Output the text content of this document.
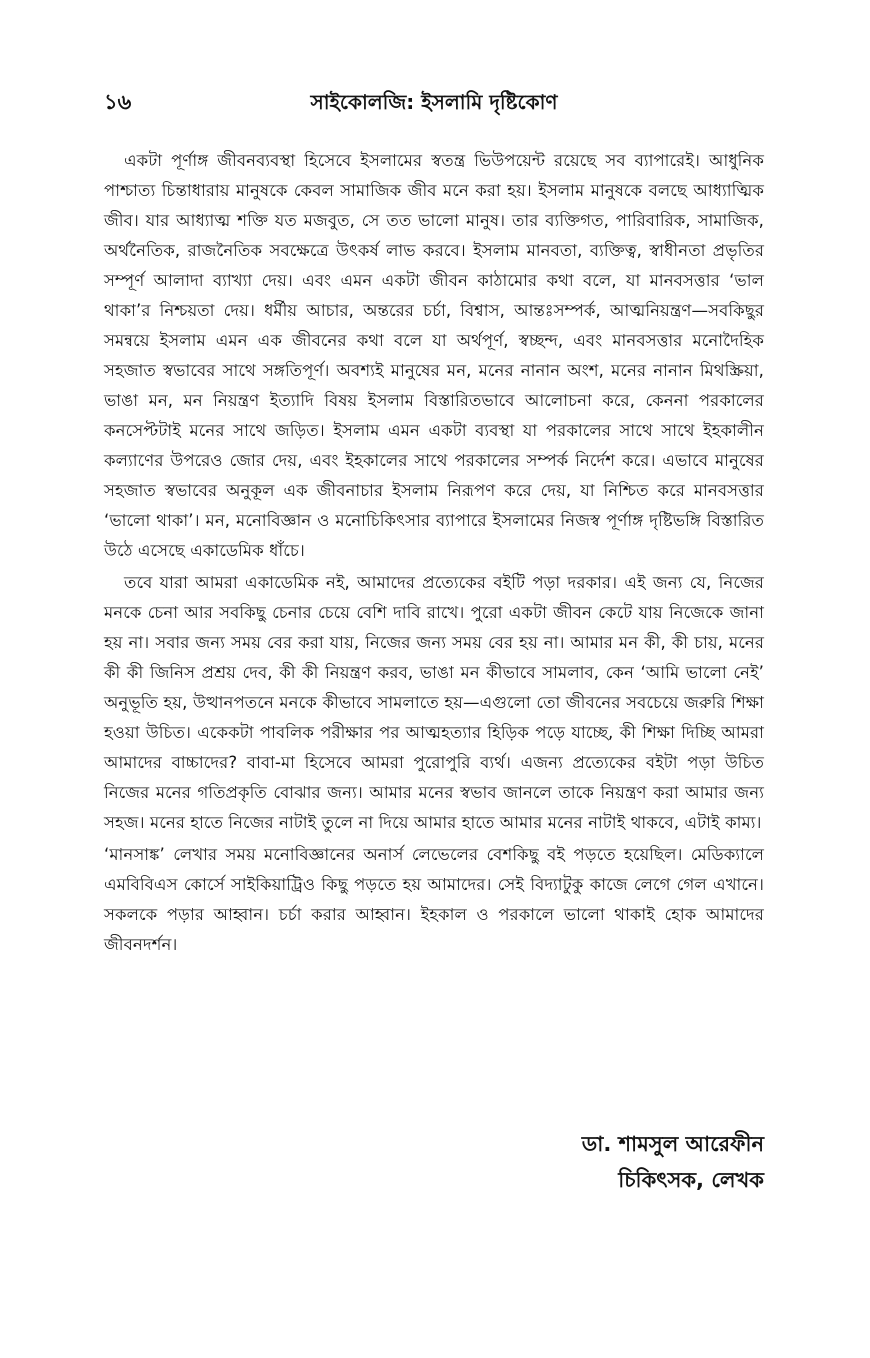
১৬	সাইকোলজি: ইসলামি দৃষ্টিকোণ

একটা পূর্ণাঙ্গ জীবনব্যবস্থা হিসেবে ইসলামের স্বতন্ত্র ভিউপয়েন্ট রয়েছে সব ব্যাপারেই। আধুনিক পাশ্চাত্য চিন্তাধারায় মানুষকে কেবল সামাজিক জীব মনে করা হয়। ইসলাম মানুষকে বলছে আধ্যাত্মিক জীব। যার আধ্যাত্ম শক্তি যত মজবুত, সে তত ভালো মানুষ। তার ব্যক্তিগত, পারিবারিক, সামাজিক, অর্থনৈতিক, রাজনৈতিক সবক্ষেত্রে উৎকর্ষ লাভ করবে। ইসলাম মানবতা, ব্যক্তিত্ব, স্বাধীনতা প্রভৃতির সম্পূর্ণ আলাদা ব্যাখ্যা দেয়। এবং এমন একটা জীবন কাঠামোর কথা বলে, যা মানবসত্তার ‘ভাল থাকা’র নিশ্চয়তা দেয়। ধর্মীয় আচার, অন্তরের চর্চা, বিশ্বাস, আন্তঃসম্পর্ক, আত্মনিয়ন্ত্রণ—সবকিছুর সমন্বয়ে ইসলাম এমন এক জীবনের কথা বলে যা অর্থপূর্ণ, স্বচ্ছন্দ, এবং মানবসত্তার মনোদৈহিক সহজাত স্বভাবের সাথে সঙ্গতিপূর্ণ। অবশ্যই মানুষের মন, মনের নানান অংশ, মনের নানান মিথস্ক্রিয়া, ভাঙা মন, মন নিয়ন্ত্রণ ইত্যাদি বিষয় ইসলাম বিস্তারিতভাবে আলোচনা করে, কেননা পরকালের কনসেপ্টটাই মনের সাথে জড়িত। ইসলাম এমন একটা ব্যবস্থা যা পরকালের সাথে সাথে ইহকালীন কল্যাণের উপরেও জোর দেয়, এবং ইহকালের সাথে পরকালের সম্পর্ক নির্দেশ করে। এভাবে মানুষের সহজাত স্বভাবের অনুকূল এক জীবনাচার ইসলাম নিরূপণ করে দেয়, যা নিশ্চিত করে মানবসত্তার ‘ভালো থাকা’। মন, মনোবিজ্ঞান ও মনোচিকিৎসার ব্যাপারে ইসলামের নিজস্ব পূর্ণাঙ্গ দৃষ্টিভঙ্গি বিস্তারিত উঠে এসেছে একাডেমিক ধাঁচে।

তবে যারা আমরা একাডেমিক নই, আমাদের প্রত্যেকের বইটি পড়া দরকার। এই জন্য যে, নিজের মনকে চেনা আর সবকিছু চেনার চেয়ে বেশি দাবি রাখে। পুরো একটা জীবন কেটে যায় নিজেকে জানা হয় না। সবার জন্য সময় বের করা যায়, নিজের জন্য সময় বের হয় না। আমার মন কী, কী চায়, মনের কী কী জিনিস প্রশ্রয় দেব, কী কী নিয়ন্ত্রণ করব, ভাঙা মন কীভাবে সামলাব, কেন ‘আমি ভালো নেই’ অনুভূতি হয়, উত্থানপতনে মনকে কীভাবে সামলাতে হয়—এগুলো তো জীবনের সবচেয়ে জরুরি শিক্ষা হওয়া উচিত। একেকটা পাবলিক পরীক্ষার পর আত্মহত্যার হিড়িক পড়ে যাচ্ছে, কী শিক্ষা দিচ্ছি আমরা আমাদের বাচ্চাদের? বাবা-মা হিসেবে আমরা পুরোপুরি ব্যর্থ। এজন্য প্রত্যেকের বইটা পড়া উচিত নিজের মনের গতিপ্রকৃতি বোঝার জন্য। আমার মনের স্বভাব জানলে তাকে নিয়ন্ত্রণ করা আমার জন্য সহজ। মনের হাতে নিজের নাটাই তুলে না দিয়ে আমার হাতে আমার মনের নাটাই থাকবে, এটাই কাম্য।

‘মানসাঙ্ক’ লেখার সময় মনোবিজ্ঞানের অনার্স লেভেলের বেশকিছু বই পড়তে হয়েছিল। মেডিক্যালে এমবিবিএস কোর্সে সাইকিয়াট্রিও কিছু পড়তে হয় আমাদের। সেই বিদ্যাটুকু কাজে লেগে গেল এখানে। সকলকে পড়ার আহ্বান। চর্চা করার আহ্বান। ইহকাল ও পরকালে ভালো থাকাই হোক আমাদের জীবনদর্শন।

ডা. শামসুল আরেফীন
চিকিৎসক, লেখক
